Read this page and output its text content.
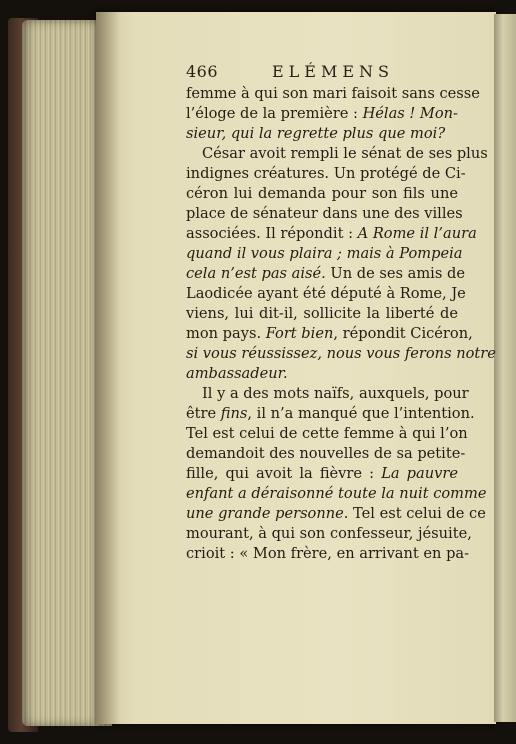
466	ELÉMENS
femme à qui son mari faisoit sans cesse
l’éloge de la première : Hélas ! Mon-
sieur, qui la regrette plus que moi?
César avoit rempli le sénat de ses plus
indignes créatures. Un protégé de Ci-
céron lui demanda pour son fils une
place de sénateur dans une des villes
associées. Il répondit : A Rome il l’aura
quand il vous plaira ; mais à Pompeia
cela n’est pas aisé. Un de ses amis de
Laodicée ayant été député à Rome, Je
viens, lui dit-il, sollicite la liberté de
mon pays. Fort bien, répondit Cicéron,
si vous réussissez, nous vous ferons notre
ambassadeur.
Il y a des mots naïfs, auxquels, pour
être fins, il n’a manqué que l’intention.
Tel est celui de cette femme à qui l’on
demandoit des nouvelles de sa petite-
fille, qui avoit la fièvre : La pauvre
enfant a déraisonné toute la nuit comme
une grande personne. Tel est celui de ce
mourant, à qui son confesseur, jésuite,
crioit : « Mon frère, en arrivant en pa-
